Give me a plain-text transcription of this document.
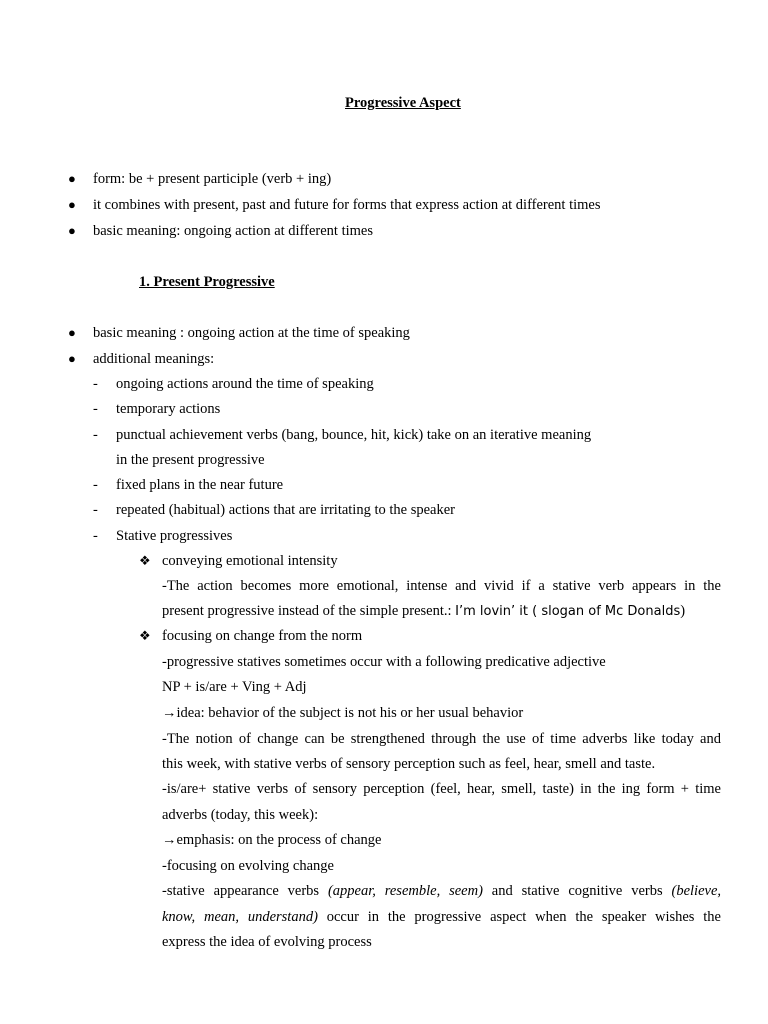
Progressive Aspect
● form: be + present participle (verb + ing)
● it combines with present, past and future for forms that express action at different times
● basic meaning: ongoing action at different times
1. Present Progressive
● basic meaning : ongoing action at the time of speaking
● additional meanings:
- ongoing actions around the time of speaking
- temporary actions
- punctual achievement verbs (bang, bounce, hit, kick) take on an iterative meaning
in the present progressive
- fixed plans in the near future
- repeated (habitual) actions that are irritating to the speaker
- Stative progressives
❖ conveying emotional intensity
-The action becomes more emotional, intense and vivid if a stative verb appears in the
present progressive instead of the simple present.: I’m lovin’ it ( slogan of Mc Donalds)
❖ focusing on change from the norm
-progressive statives sometimes occur with a following predicative adjective
NP + is/are + Ving + Adj
→idea: behavior of the subject is not his or her usual behavior
-The notion of change can be strengthened through the use of time adverbs like today and
this week, with stative verbs of sensory perception such as feel, hear, smell and taste.
-is/are+ stative verbs of sensory perception (feel, hear, smell, taste) in the ing form + time
adverbs (today, this week):
→emphasis: on the process of change
-focusing on evolving change
-stative appearance verbs (appear, resemble, seem) and stative cognitive verbs (believe,
know, mean, understand) occur in the progressive aspect when the speaker wishes the
express the idea of evolving process
